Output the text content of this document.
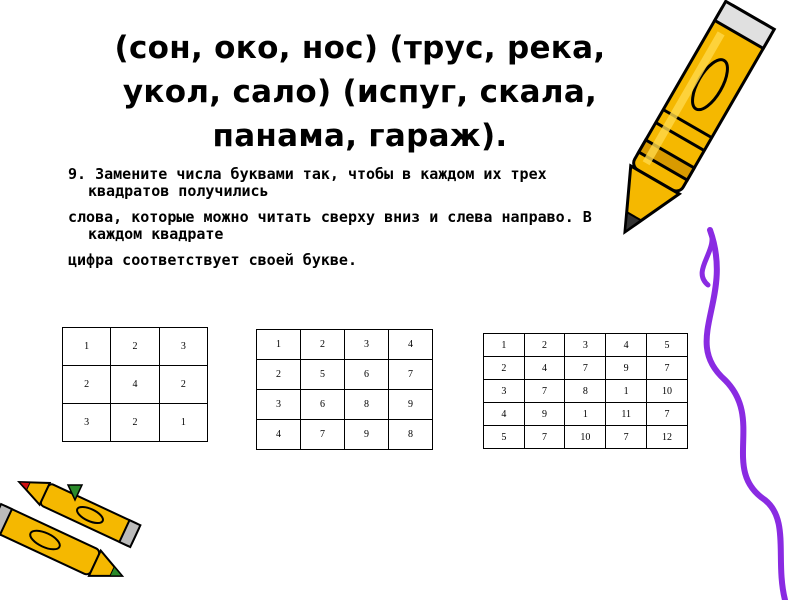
(сон, око, нос) (трус, река,
укол, сало) (испуг, скала,
панама, гараж).
9. Замените числа буквами так, чтобы в каждом их трех
квадратов получились
слова, которые можно читать сверху вниз и слева направо. В
каждом квадрате
цифра соответствует своей букве.
1	2	3
2	4	2
3	2	1
1	2	3	4
2	5	6	7
3	6	8	9
4	7	9	8
1	2	3	4	5
2	4	7	9	7
3	7	8	1	10
4	9	1	11	7
5	7	10	7	12
